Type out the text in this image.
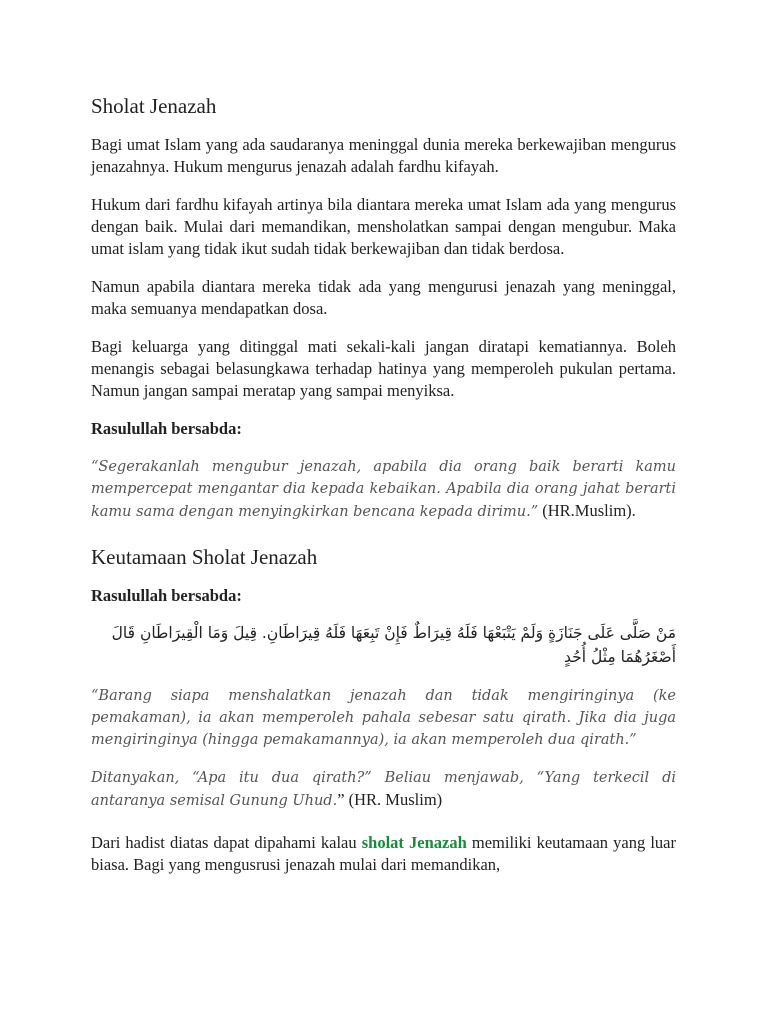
Sholat Jenazah

Bagi umat Islam yang ada saudaranya meninggal dunia mereka berkewajiban mengurus jenazahnya. Hukum mengurus jenazah adalah fardhu kifayah.

Hukum dari fardhu kifayah artinya bila diantara mereka umat Islam ada yang mengurus dengan baik. Mulai dari memandikan, mensholatkan sampai dengan mengubur. Maka umat islam yang tidak ikut sudah tidak berkewajiban dan tidak berdosa.

Namun apabila diantara mereka tidak ada yang mengurusi jenazah yang meninggal, maka semuanya mendapatkan dosa.

Bagi keluarga yang ditinggal mati sekali-kali jangan diratapi kematiannya. Boleh menangis sebagai belasungkawa terhadap hatinya yang memperoleh pukulan pertama. Namun jangan sampai meratap yang sampai menyiksa.

Rasulullah bersabda:

“Segerakanlah mengubur jenazah, apabila dia orang baik berarti kamu mempercepat mengantar dia kepada kebaikan. Apabila dia orang jahat berarti kamu sama dengan menyingkirkan bencana kepada dirimu.” (HR.Muslim).

Keutamaan Sholat Jenazah

Rasulullah bersabda:

مَنْ صَلَّى عَلَى جَنَازَةٍ وَلَمْ يَتْبَعْهَا فَلَهُ قِيرَاطٌ فَإِنْ تَبِعَهَا فَلَهُ قِيرَاطَانِ. قِيلَ وَمَا الْقِيرَاطَانِ قَالَ أَصْغَرُهُمَا مِثْلُ أُحُدٍ

“Barang siapa menshalatkan jenazah dan tidak mengiringinya (ke pemakaman), ia akan memperoleh pahala sebesar satu qirath. Jika dia juga mengiringinya (hingga pemakamannya), ia akan memperoleh dua qirath.”

Ditanyakan, “Apa itu dua qirath?” Beliau menjawab, “Yang terkecil di antaranya semisal Gunung Uhud.” (HR. Muslim)

Dari hadist diatas dapat dipahami kalau sholat Jenazah memiliki keutamaan yang luar biasa. Bagi yang mengusrusi jenazah mulai dari memandikan,
